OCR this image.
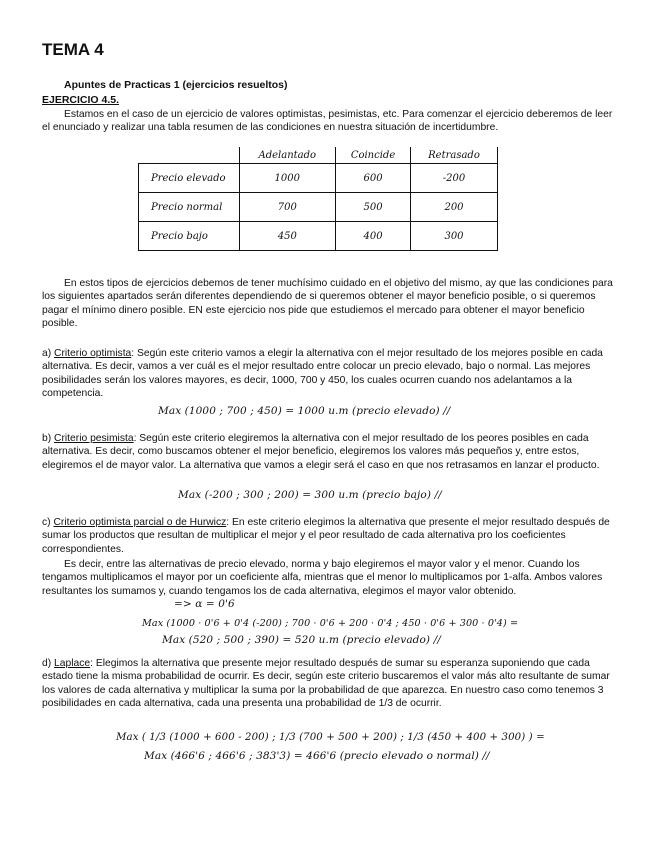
TEMA 4
Apuntes de Practicas 1 (ejercicios resueltos)
EJERCICIO 4.5.

Estamos en el caso de un ejercicio de valores optimistas, pesimistas, etc. Para comenzar el ejercicio deberemos de leer el enunciado y realizar una tabla resumen de las condiciones en nuestra situación de incertidumbre.

	Adelantado	Coincide	Retrasado
Precio elevado	1000	600	-200
Precio normal	700	500	200
Precio bajo	450	400	300

En estos tipos de ejercicios debemos de tener muchísimo cuidado en el objetivo del mismo, ay que las condiciones para los siguientes apartados serán diferentes dependiendo de si queremos obtener el mayor beneficio posible, o si queremos pagar el mínimo dinero posible. EN este ejercicio nos pide que estudiemos el mercado para obtener el mayor beneficio posible.

a) Criterio optimista: Según este criterio vamos a elegir la alternativa con el mejor resultado de los mejores posible en cada alternativa. Es decir, vamos a ver cuál es el mejor resultado entre colocar un precio elevado, bajo o normal. Las mejores posibilidades serán los valores mayores, es decir, 1000, 700 y 450, los cuales ocurren cuando nos adelantamos a la competencia.

Max (1000 ; 700 ; 450) = 1000 u.m (precio elevado) //

b) Criterio pesimista: Según este criterio elegiremos la alternativa con el mejor resultado de los peores posibles en cada alternativa. Es decir, como buscamos obtener el mejor beneficio, elegiremos los valores más pequeños y, entre estos, elegiremos el de mayor valor. La alternativa que vamos a elegir será el caso en que nos retrasamos en lanzar el producto.

Max (-200 ; 300 ; 200) = 300 u.m (precio bajo) //

c) Criterio optimista parcial o de Hurwicz: En este criterio elegimos la alternativa que presente el mejor resultado después de sumar los productos que resultan de multiplicar el mejor y el peor resultado de cada alternativa pro los coeficientes correspondientes.

Es decir, entre las alternativas de precio elevado, norma y bajo elegiremos el mayor valor y el menor. Cuando los tengamos multiplicamos el mayor por un coeficiente alfa, mientras que el menor lo multiplicamos por 1-alfa. Ambos valores resultantes los sumamos y, cuando tengamos los de cada alternativa, elegimos el mayor valor obtenido.

=> α = 0'6
Max (1000 · 0'6 + 0'4 (-200) ; 700 · 0'6 + 200 · 0'4 ; 450 · 0'6 + 300 · 0'4) =
Max (520 ; 500 ; 390) = 520 u.m (precio elevado) //

d) Laplace: Elegimos la alternativa que presente mejor resultado después de sumar su esperanza suponiendo que cada estado tiene la misma probabilidad de ocurrir. Es decir, según este criterio buscaremos el valor más alto resultante de sumar los valores de cada alternativa y multiplicar la suma por la probabilidad de que aparezca. En nuestro caso como tenemos 3 posibilidades en cada alternativa, cada una presenta una probabilidad de 1/3 de ocurrir.

Max ( 1/3 (1000 + 600 - 200) ; 1/3 (700 + 500 + 200) ; 1/3 (450 + 400 + 300) ) =
Max (466'6 ; 466'6 ; 383'3) = 466'6 (precio elevado o normal) //
